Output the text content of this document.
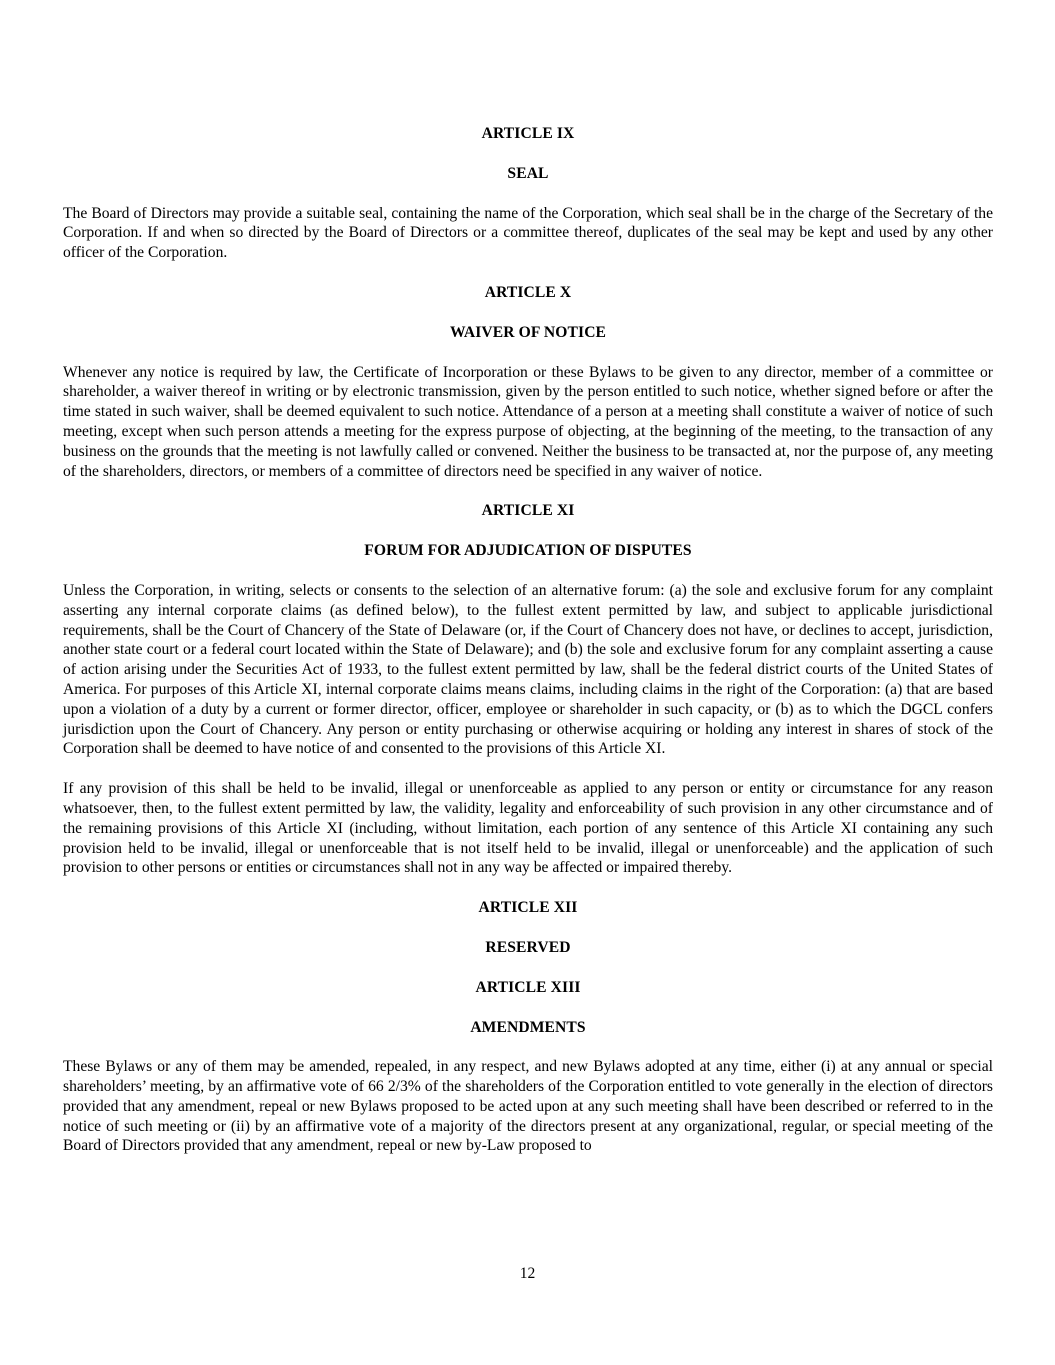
ARTICLE IX
SEAL
The Board of Directors may provide a suitable seal, containing the name of the Corporation, which seal shall be in the charge of the Secretary of the Corporation. If and when so directed by the Board of Directors or a committee thereof, duplicates of the seal may be kept and used by any other officer of the Corporation.
ARTICLE X
WAIVER OF NOTICE
Whenever any notice is required by law, the Certificate of Incorporation or these Bylaws to be given to any director, member of a committee or shareholder, a waiver thereof in writing or by electronic transmission, given by the person entitled to such notice, whether signed before or after the time stated in such waiver, shall be deemed equivalent to such notice. Attendance of a person at a meeting shall constitute a waiver of notice of such meeting, except when such person attends a meeting for the express purpose of objecting, at the beginning of the meeting, to the transaction of any business on the grounds that the meeting is not lawfully called or convened. Neither the business to be transacted at, nor the purpose of, any meeting of the shareholders, directors, or members of a committee of directors need be specified in any waiver of notice.
ARTICLE XI
FORUM FOR ADJUDICATION OF DISPUTES
Unless the Corporation, in writing, selects or consents to the selection of an alternative forum: (a) the sole and exclusive forum for any complaint asserting any internal corporate claims (as defined below), to the fullest extent permitted by law, and subject to applicable jurisdictional requirements, shall be the Court of Chancery of the State of Delaware (or, if the Court of Chancery does not have, or declines to accept, jurisdiction, another state court or a federal court located within the State of Delaware); and (b) the sole and exclusive forum for any complaint asserting a cause of action arising under the Securities Act of 1933, to the fullest extent permitted by law, shall be the federal district courts of the United States of America. For purposes of this Article XI, internal corporate claims means claims, including claims in the right of the Corporation: (a) that are based upon a violation of a duty by a current or former director, officer, employee or shareholder in such capacity, or (b) as to which the DGCL confers jurisdiction upon the Court of Chancery. Any person or entity purchasing or otherwise acquiring or holding any interest in shares of stock of the Corporation shall be deemed to have notice of and consented to the provisions of this Article XI.
If any provision of this shall be held to be invalid, illegal or unenforceable as applied to any person or entity or circumstance for any reason whatsoever, then, to the fullest extent permitted by law, the validity, legality and enforceability of such provision in any other circumstance and of the remaining provisions of this Article XI (including, without limitation, each portion of any sentence of this Article XI containing any such provision held to be invalid, illegal or unenforceable that is not itself held to be invalid, illegal or unenforceable) and the application of such provision to other persons or entities or circumstances shall not in any way be affected or impaired thereby.
ARTICLE XII
RESERVED
ARTICLE XIII
AMENDMENTS
These Bylaws or any of them may be amended, repealed, in any respect, and new Bylaws adopted at any time, either (i) at any annual or special shareholders’ meeting, by an affirmative vote of 66 2/3% of the shareholders of the Corporation entitled to vote generally in the election of directors provided that any amendment, repeal or new Bylaws proposed to be acted upon at any such meeting shall have been described or referred to in the notice of such meeting or (ii) by an affirmative vote of a majority of the directors present at any organizational, regular, or special meeting of the Board of Directors provided that any amendment, repeal or new by-Law proposed to
12
